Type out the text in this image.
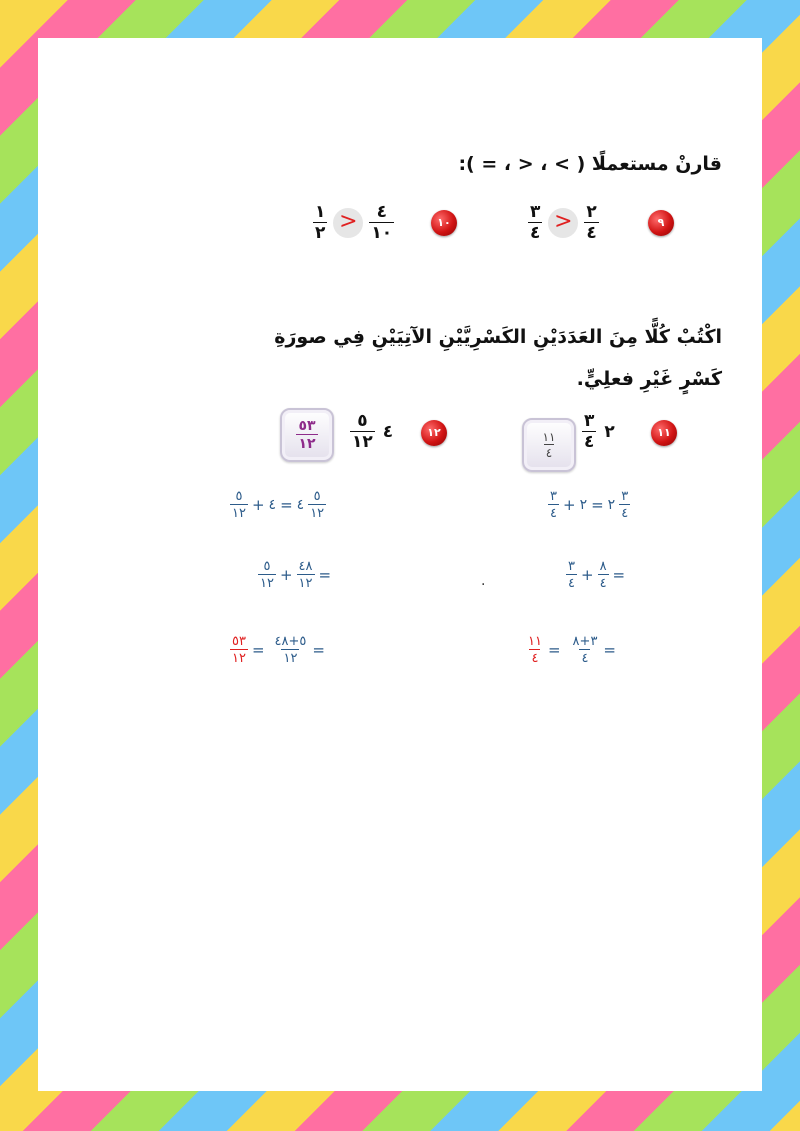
قارنْ مستعملًا ( > ، < ، = ):
٩
$\frac{٣}{٤} > \frac{٢}{٤}$
١٠
$\frac{١}{٢} > \frac{٤}{١٠}$
اكْتُبْ كُلًّا مِنَ العَدَدَيْنِ الكَسْرِيَّيْنِ الآتِيَيْنِ فِي صورَةِ
كَسْرٍ غَيْرِ فعلِيٍّ.
١١
$\frac{٣}{٤}$ ٢
$\frac{١١}{٤}$
١٢
$\frac{٥}{١٢}$ ٤
$\frac{٥٣}{١٢}$
$\frac{٣}{٤}$ + ٢ = ٢ $\frac{٣}{٤}$
$\frac{٣}{٤} + \frac{٨}{٤}$ =
$\frac{١١}{٤} = \frac{٣+٨}{٤}$ =
.
$\frac{٥}{١٢}$ + ٤ = ٤ $\frac{٥}{١٢}$
$\frac{٥}{١٢} + \frac{٤٨}{١٢}$ =
$\frac{٥٣}{١٢} = \frac{٥+٤٨}{١٢}$ =
